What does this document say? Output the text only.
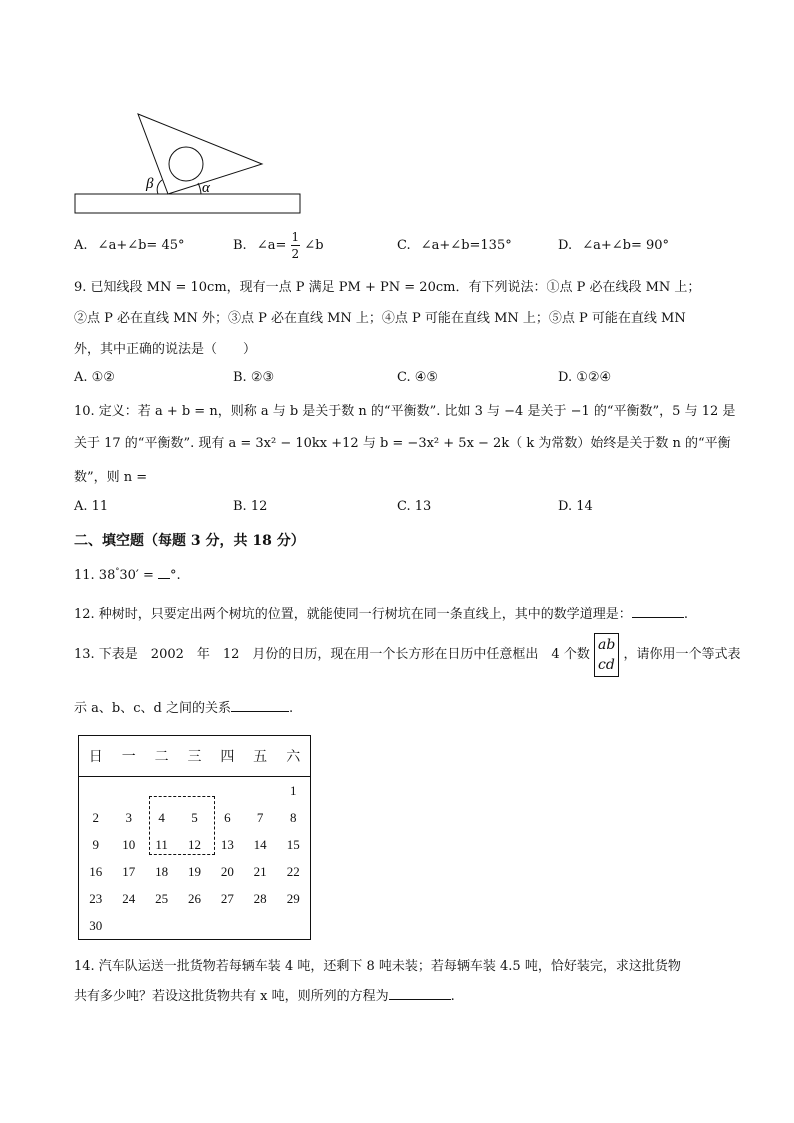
β	α
A. ∠a+∠b= 45°	B. ∠a= $\frac{1}{2}$ ∠b	C. ∠a+∠b=135°	D. ∠a+∠b= 90°
9. 已知线段 MN = 10cm，现有一点 P 满足 PM + PN = 20cm．有下列说法：①点 P 必在线段 MN 上；
②点 P 必在直线 MN 外；③点 P 必在直线 MN 上；④点 P 可能在直线 MN 上；⑤点 P 可能在直线 MN
外，其中正确的说法是（　　）
A. ①②	B. ②③	C. ④⑤	D. ①②④
10. 定义：若 a + b = n，则称 a 与 b 是关于数 n 的“平衡数”. 比如 3 与 −4 是关于 −1 的“平衡数”，5 与 12 是
关于 17 的“平衡数”. 现有 a = 3x² − 10kx +12 与 b = −3x² + 5x − 2k（ k 为常数）始终是关于数 n 的“平衡
数”，则 n =
A. 11	B. 12	C. 13	D. 14
二、填空题（每题 3 分，共 18 分）
11. 38°30′ = °.
12. 种树时，只要定出两个树坑的位置，就能使同一行树坑在同一条直线上，其中的数学道理是：	.
13. 下表是　2002　年　12　月份的日历，现在用一个长方形在日历中任意框出　4 个数
ab
cd
，请你用一个等式表
示 a、b、c、d 之间的关系	.
日	一	二	三	四	五	六
						1
2	3	4	5	6	7	8
9	10	11	12	13	14	15
16	17	18	19	20	21	22
23	24	25	26	27	28	29
30						
14. 汽车队运送一批货物若每辆车装 4 吨，还剩下 8 吨未装；若每辆车装 4.5 吨，恰好装完，求这批货物
共有多少吨？若设这批货物共有 x 吨，则所列的方程为	.
